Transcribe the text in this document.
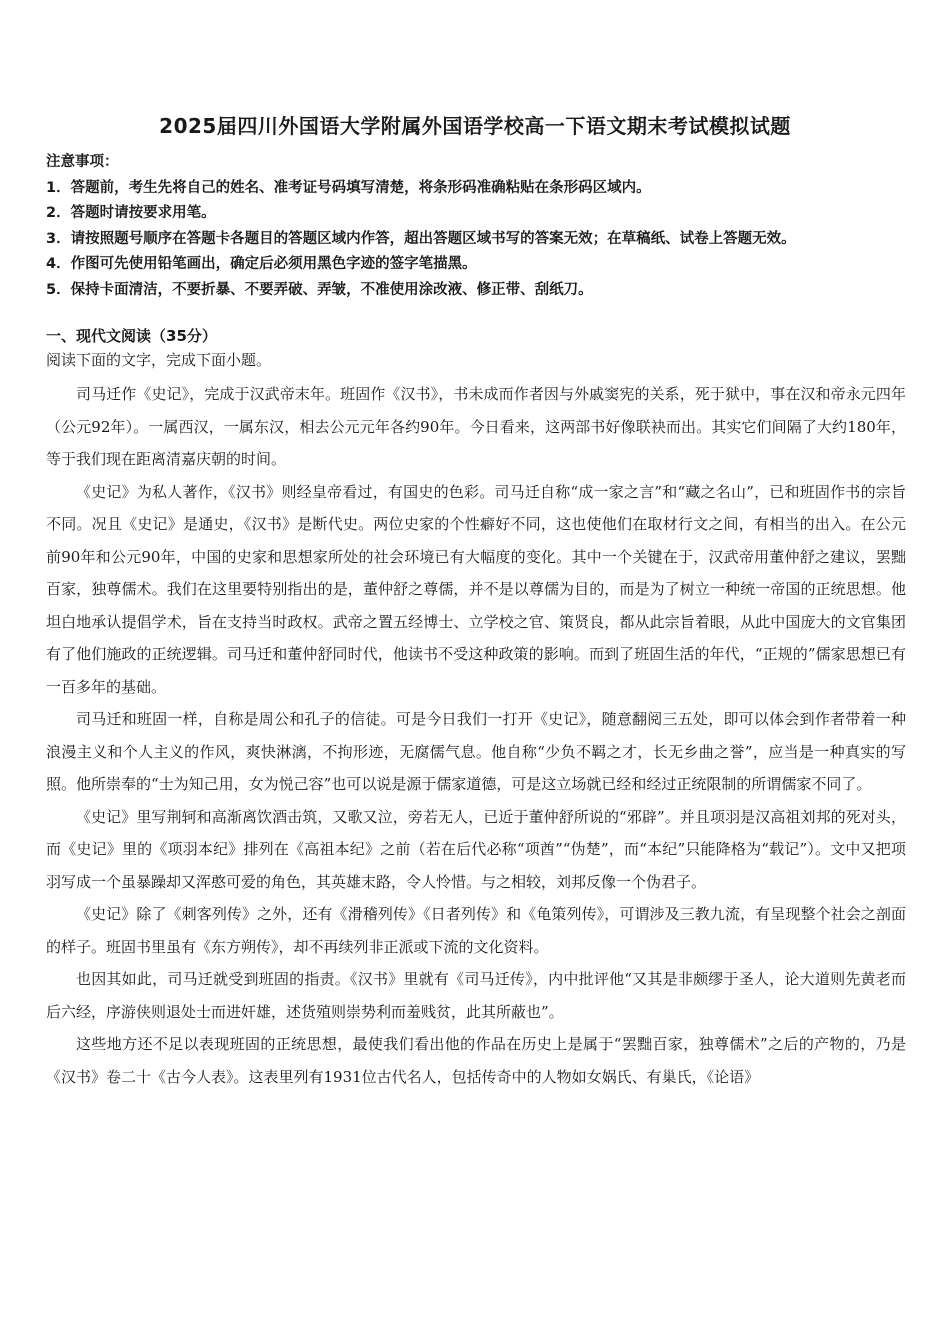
2025届四川外国语大学附属外国语学校高一下语文期末考试模拟试题
注意事项：
1．答题前，考生先将自己的姓名、准考证号码填写清楚，将条形码准确粘贴在条形码区域内。
2．答题时请按要求用笔。
3．请按照题号顺序在答题卡各题目的答题区域内作答，超出答题区域书写的答案无效；在草稿纸、试卷上答题无效。
4．作图可先使用铅笔画出，确定后必须用黑色字迹的签字笔描黑。
5．保持卡面清洁，不要折暴、不要弄破、弄皱，不准使用涂改液、修正带、刮纸刀。
一、现代文阅读（35分）
阅读下面的文字，完成下面小题。

司马迁作《史记》，完成于汉武帝末年。班固作《汉书》，书未成而作者因与外戚窦宪的关系，死于狱中，事在汉和帝永元四年（公元92年）。一属西汉，一属东汉，相去公元元年各约90年。今日看来，这两部书好像联袂而出。其实它们间隔了大约180年，等于我们现在距离清嘉庆朝的时间。

《史记》为私人著作，《汉书》则经皇帝看过，有国史的色彩。司马迁自称“成一家之言”和“藏之名山”，已和班固作书的宗旨不同。况且《史记》是通史，《汉书》是断代史。两位史家的个性癖好不同，这也使他们在取材行文之间，有相当的出入。在公元前90年和公元90年，中国的史家和思想家所处的社会环境已有大幅度的变化。其中一个关键在于，汉武帝用董仲舒之建议，罢黜百家，独尊儒术。我们在这里要特别指出的是，董仲舒之尊儒，并不是以尊儒为目的，而是为了树立一种统一帝国的正统思想。他坦白地承认提倡学术，旨在支持当时政权。武帝之置五经博士、立学校之官、策贤良，都从此宗旨着眼，从此中国庞大的文官集团有了他们施政的正统逻辑。司马迁和董仲舒同时代，他读书不受这种政策的影响。而到了班固生活的年代，“正规的”儒家思想已有一百多年的基础。

司马迁和班固一样，自称是周公和孔子的信徒。可是今日我们一打开《史记》，随意翻阅三五处，即可以体会到作者带着一种浪漫主义和个人主义的作风，爽快淋漓，不拘形迹，无腐儒气息。他自称“少负不羁之才，长无乡曲之誉”，应当是一种真实的写照。他所崇奉的“士为知己用，女为悦己容”也可以说是源于儒家道德，可是这立场就已经和经过正统限制的所谓儒家不同了。

《史记》里写荆轲和高渐离饮酒击筑，又歌又泣，旁若无人，已近于董仲舒所说的“邪辟”。并且项羽是汉高祖刘邦的死对头，而《史记》里的《项羽本纪》排列在《高祖本纪》之前（若在后代必称“项酋”“伪楚”，而“本纪”只能降格为“载记”）。文中又把项羽写成一个虽暴躁却又浑憨可爱的角色，其英雄末路，令人怜惜。与之相较，刘邦反像一个伪君子。

《史记》除了《刺客列传》之外，还有《滑稽列传》《日者列传》和《龟策列传》，可谓涉及三教九流，有呈现整个社会之剖面的样子。班固书里虽有《东方朔传》，却不再续列非正派或下流的文化资料。

也因其如此，司马迁就受到班固的指责。《汉书》里就有《司马迁传》，内中批评他“又其是非颇缪于圣人，论大道则先黄老而后六经，序游侠则退处士而进奸雄，述货殖则崇势利而羞贱贫，此其所蔽也”。

这些地方还不足以表现班固的正统思想，最使我们看出他的作品在历史上是属于“罢黜百家，独尊儒术”之后的产物的，乃是《汉书》卷二十《古今人表》。这表里列有1931位古代名人，包括传奇中的人物如女娲氏、有巢氏，《论语》
